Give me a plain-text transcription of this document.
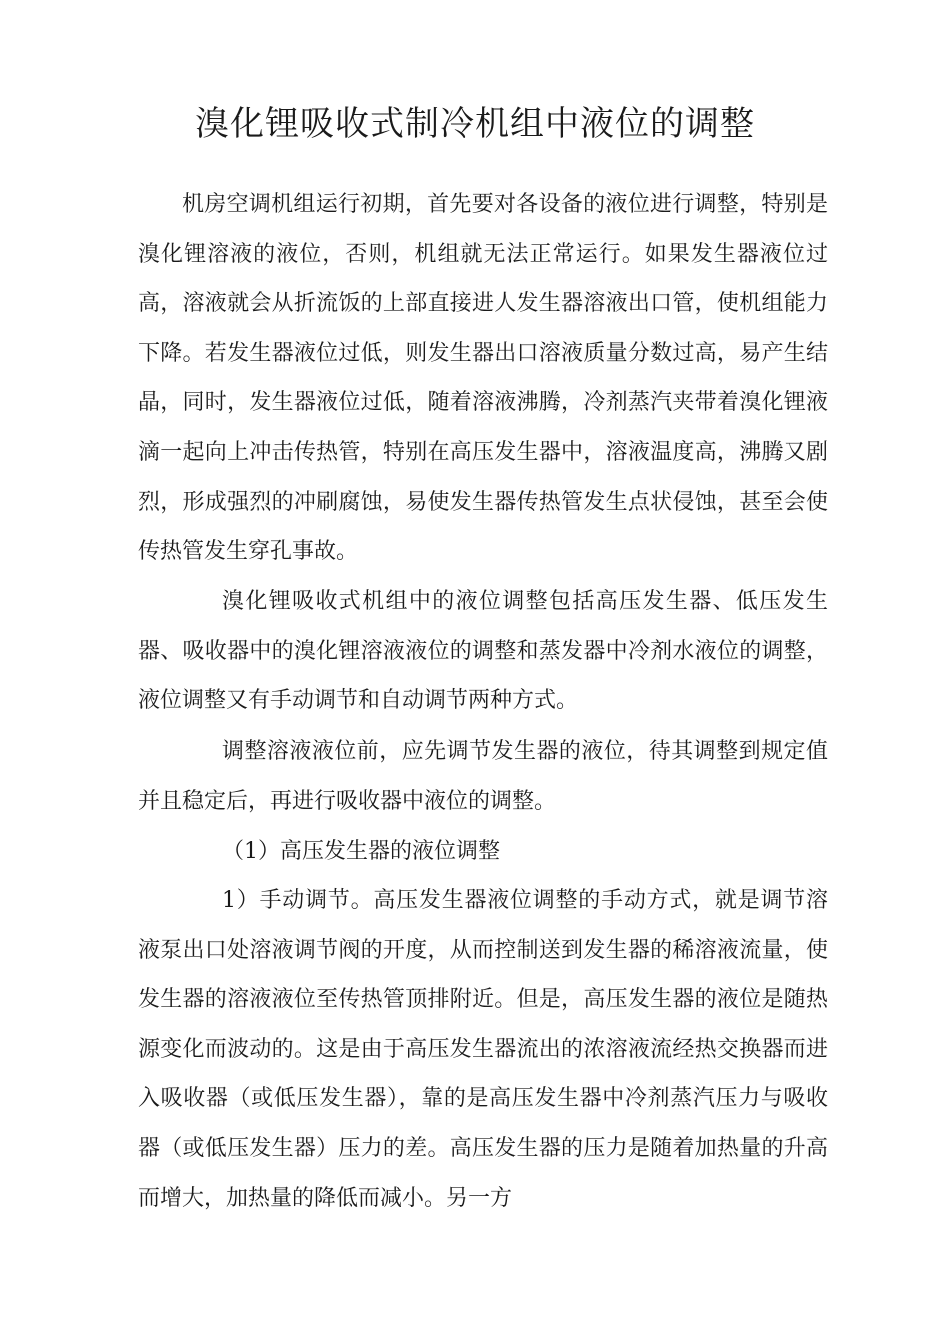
溴化锂吸收式制冷机组中液位的调整

机房空调机组运行初期，首先要对各设备的液位进行调整，特别是溴化锂溶液的液位，否则，机组就无法正常运行。如果发生器液位过高，溶液就会从折流饭的上部直接进人发生器溶液出口管，使机组能力下降。若发生器液位过低，则发生器出口溶液质量分数过高，易产生结晶，同时，发生器液位过低，随着溶液沸腾，冷剂蒸汽夹带着溴化锂液滴一起向上冲击传热管，特别在高压发生器中，溶液温度高，沸腾又剧烈，形成强烈的冲刷腐蚀，易使发生器传热管发生点状侵蚀，甚至会使传热管发生穿孔事故。

溴化锂吸收式机组中的液位调整包括高压发生器、低压发生器、吸收器中的溴化锂溶液液位的调整和蒸发器中冷剂水液位的调整，液位调整又有手动调节和自动调节两种方式。

调整溶液液位前，应先调节发生器的液位，待其调整到规定值并且稳定后，再进行吸收器中液位的调整。

（1）高压发生器的液位调整

1）手动调节。高压发生器液位调整的手动方式，就是调节溶液泵出口处溶液调节阀的开度，从而控制送到发生器的稀溶液流量，使发生器的溶液液位至传热管顶排附近。但是，高压发生器的液位是随热源变化而波动的。这是由于高压发生器流出的浓溶液流经热交换器而进入吸收器（或低压发生器），靠的是高压发生器中冷剂蒸汽压力与吸收器（或低压发生器）压力的差。高压发生器的压力是随着加热量的升高而增大，加热量的降低而减小。另一方
